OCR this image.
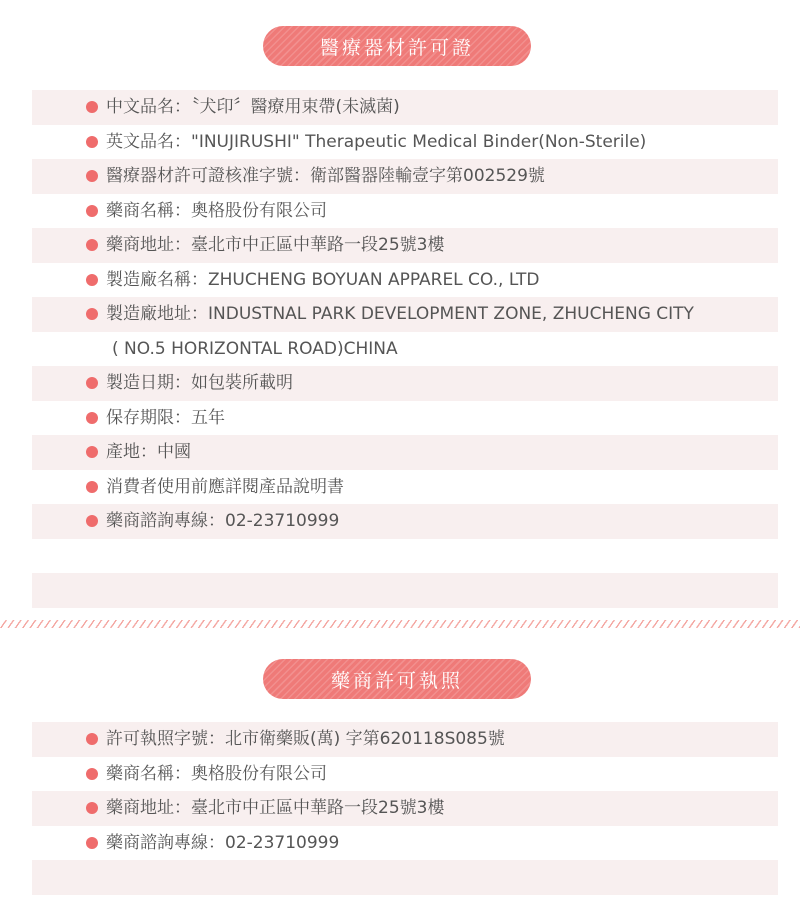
醫療器材許可證
中文品名：〝犬印〞醫療用束帶(未滅菌)
英文品名："INUJIRUSHI" Therapeutic Medical Binder(Non-Sterile)
醫療器材許可證核准字號：衛部醫器陸輸壹字第002529號
藥商名稱：奧格股份有限公司
藥商地址：臺北市中正區中華路一段25號3樓
製造廠名稱：ZHUCHENG BOYUAN APPAREL CO., LTD
製造廠地址：INDUSTNAL PARK DEVELOPMENT ZONE, ZHUCHENG CITY
( NO.5 HORIZONTAL ROAD)CHINA
製造日期：如包裝所載明
保存期限：五年
產地：中國
消費者使用前應詳閱產品說明書
藥商諮詢專線：02-23710999
藥商許可執照
許可執照字號：北市衛藥販(萬) 字第620118S085號
藥商名稱：奧格股份有限公司
藥商地址：臺北市中正區中華路一段25號3樓
藥商諮詢專線：02-23710999
